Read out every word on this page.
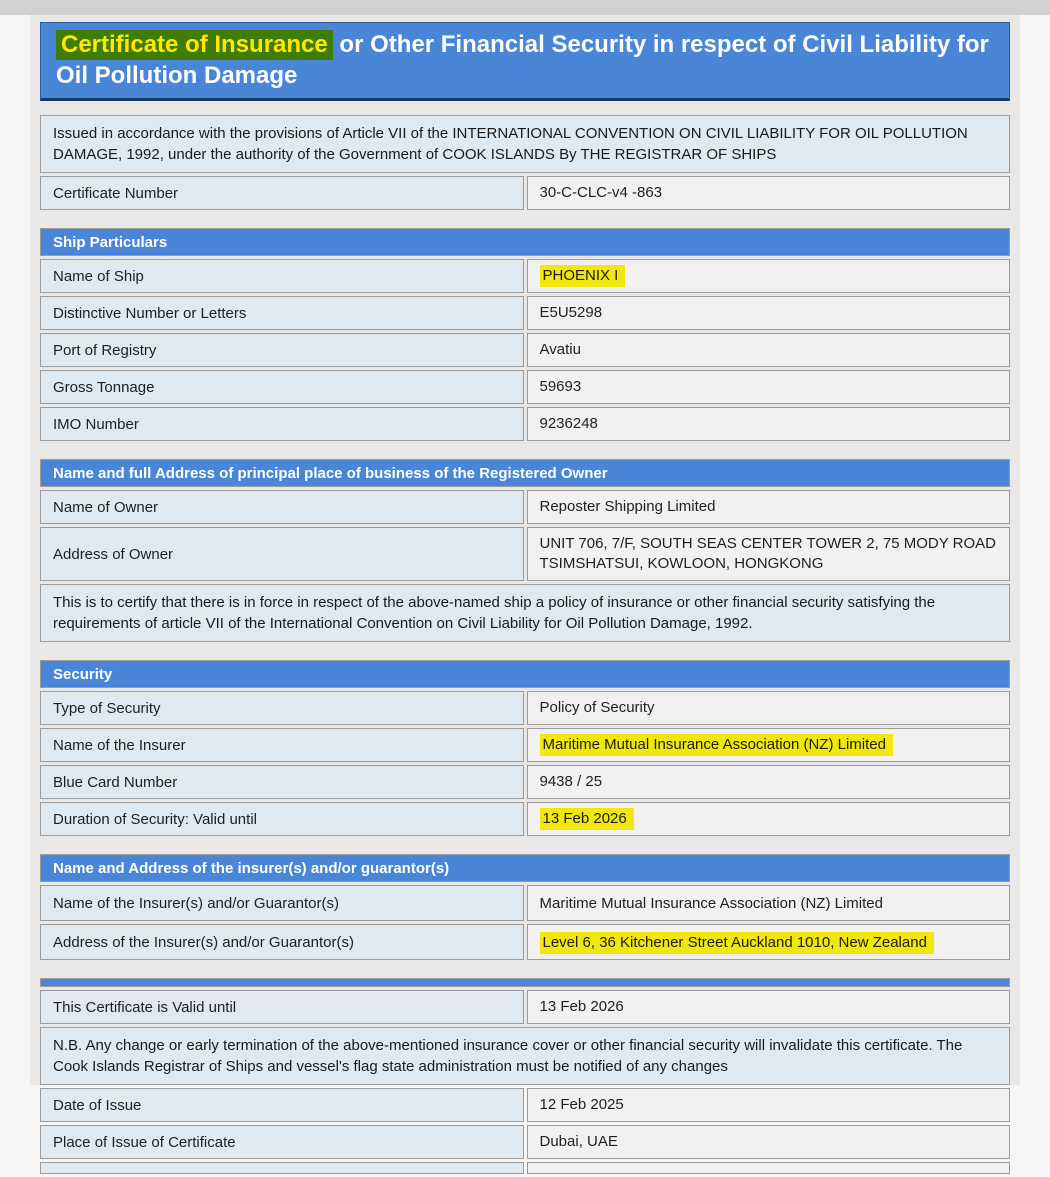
Certificate of Insurance or Other Financial Security in respect of Civil Liability for Oil Pollution Damage
Issued in accordance with the provisions of Article VII of the INTERNATIONAL CONVENTION ON CIVIL LIABILITY FOR OIL POLLUTION DAMAGE, 1992, under the authority of the Government of COOK ISLANDS By THE REGISTRAR OF SHIPS
Certificate Number	30-C-CLC-v4 -863
Ship Particulars	
Name of Ship	PHOENIX I
Distinctive Number or Letters	E5U5298
Port of Registry	Avatiu
Gross Tonnage	59693
IMO Number	9236248
Name and full Address of principal place of business of the Registered Owner	
Name of Owner	Reposter Shipping Limited
Address of Owner	UNIT 706, 7/F, SOUTH SEAS CENTER TOWER 2, 75 MODY ROAD TSIMSHATSUI, KOWLOON, HONGKONG
This is to certify that there is in force in respect of the above-named ship a policy of insurance or other financial security satisfying the requirements of article VII of the International Convention on Civil Liability for Oil Pollution Damage, 1992.	
Security	
Type of Security	Policy of Security
Name of the Insurer	Maritime Mutual Insurance Association (NZ) Limited
Blue Card Number	9438 / 25
Duration of Security: Valid until	13 Feb 2026
Name and Address of the insurer(s) and/or guarantor(s)	
Name of the Insurer(s) and/or Guarantor(s)	Maritime Mutual Insurance Association (NZ) Limited
Address of the Insurer(s) and/or Guarantor(s)	Level 6, 36 Kitchener Street Auckland 1010, New Zealand

This Certificate is Valid until	13 Feb 2026
N.B. Any change or early termination of the above-mentioned insurance cover or other financial security will invalidate this certificate. The Cook Islands Registrar of Ships and vessel's flag state administration must be notified of any changes	
Date of Issue	12 Feb 2025
Place of Issue of Certificate	Dubai, UAE
